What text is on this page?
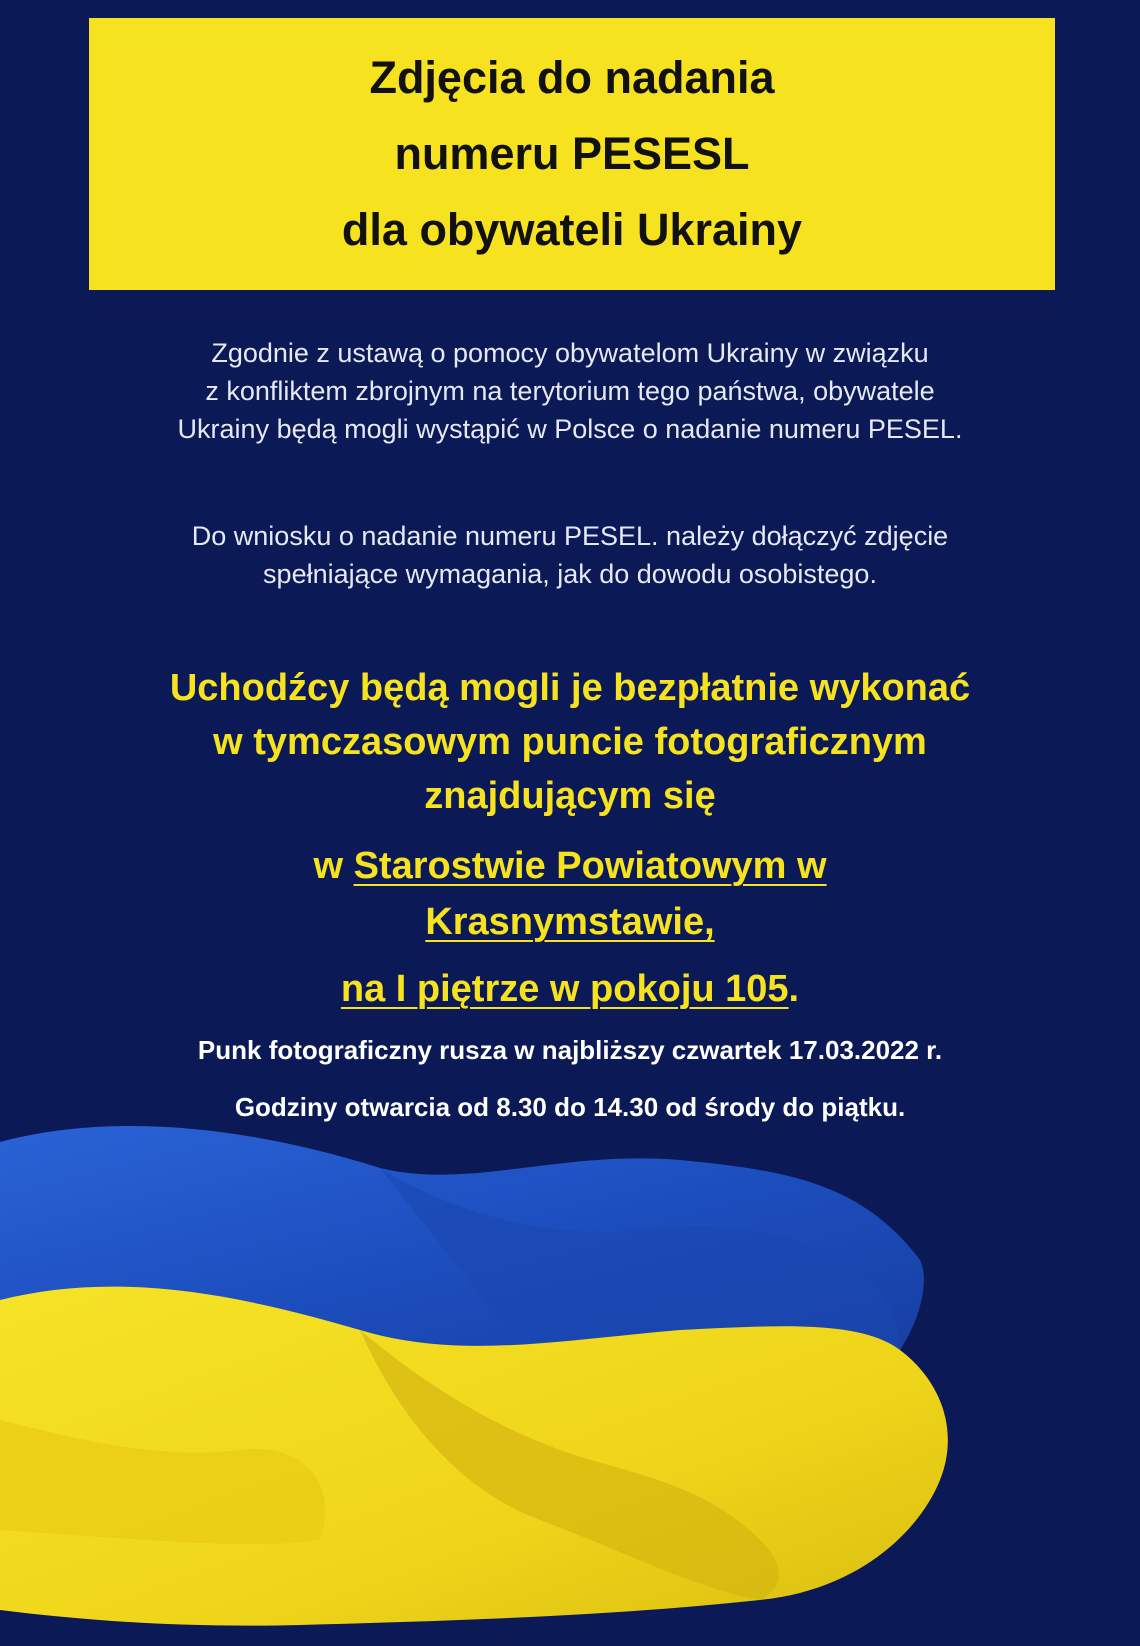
Zdjęcia do nadania
numeru PESESL
dla obywateli Ukrainy
Zgodnie z ustawą o pomocy obywatelom Ukrainy w związku
z konfliktem zbrojnym na terytorium tego państwa, obywatele
Ukrainy będą mogli wystąpić w Polsce o nadanie numeru PESEL.
Do wniosku o nadanie numeru PESEL. należy dołączyć zdjęcie
spełniające wymagania, jak do dowodu osobistego.
Uchodźcy będą mogli je bezpłatnie wykonać
w tymczasowym puncie fotograficznym
znajdującym się
w Starostwie Powiatowym w
Krasnymstawie,
na I piętrze w pokoju 105.
Punk fotograficzny rusza w najbliższy czwartek 17.03.2022 r.
Godziny otwarcia od 8.30 do 14.30 od środy do piątku.
